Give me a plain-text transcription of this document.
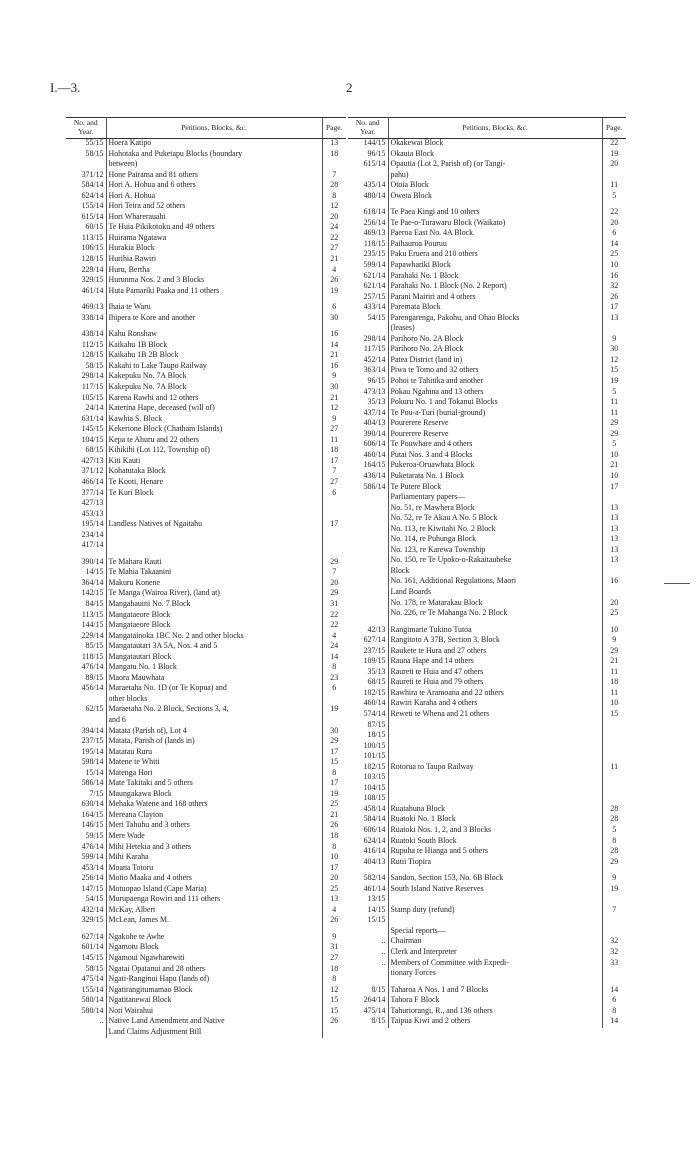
I.—3.	2
No. and Year.	Petitions, Blocks, &c.	Page.
55/15	Hoera Katipo	13
58/15	Hohotaka and Puketapu Blocks (boundary	18
	between)	
371/12	Hone Pairama and 81 others	7
584/14	Hori A. Hohua and 6 others	28
624/14	Hori A. Hohua	8
155/14	Hori Teira and 52 others	12
615/14	Hori Wharerauahi	20
60/15	Te Huia Pikikotoku and 49 others	24
113/15	Huirama Ngatawa	22
106/15	Hurakia Block	27
128/15	Hurihia Rawiri	21
229/14	Huru, Bertha	4
329/15	Hurunma Nos. 2 and 3 Blocks	26
461/14	Huta Pamariki Paaka and 11 others	19

469/13	Ihaia te Waru	6
338/14	Ihipera te Kore and another	30

438/14	Kahu Ronshaw	16
112/15	Kaikahu 1B Block	14
128/15	Kaikahu 1B 2B Block	21
58/15	Kakahi to Lake Taupo Railway	16
298/14	Kakepuku No. 7A Block	9
117/15	Kakepuku No. 7A Block	30
105/15	Karena Rawhi and 12 others	21
24/14	Katerina Hape, deceased (will of)	12
631/14	Kawhia S. Block	9
145/15	Kekerione Block (Chatham Islands)	27
104/15	Kepa te Ahuru and 22 others	11
68/15	Kihikihi (Lot 112, Township of)	18
427/13	Kiti Kauti	17
371/12	Kohatutaka Block	7
466/14	Te Kooti, Henare	27
377/14	Te Kuri Block	6
427/13		
453/13		
195/14	Landless Natives of Ngaitahu	17
234/14		
417/14		

390/14	Te Mahara Rauti	29
14/15	Te Mahia Takaanini	7
364/14	Makuru Konene	20
142/15	Te Manga (Wairoa River), (land at)	29
84/15	Mangahauini No. 7 Block	31
113/15	Mangataeore Block	22
144/15	Mangataeore Block	22
229/14	Mangatainoka 1BC No. 2 and other blocks	4
85/15	Mangatautari 3A 5A, Nos. 4 and 5	24
118/15	Mangatautari Block	14
476/14	Mangatu No. 1 Block	8
89/15	Maora Mauwhata	23
456/14	Maraetaha No. 1D (or Te Kopua) and	6
	other blocks	
62/15	Maraetaha No. 2 Block, Sections 3, 4,	19
	and 6	
394/14	Matata (Parish of), Lot 4	30
237/15	Matata, Parish of (lands in)	29
195/14	Matatau Ruru	17
598/14	Matene te Whiti	15
15/14	Matenga Hori	8
586/14	Mate Takitaki and 5 others	17
7/15	Maungakawa Block	19
630/14	Mehaka Watene and 168 others	25
164/15	Mereana Clayton	21
146/15	Meri Tahuhu and 3 others	26
59/15	Mere Wade	18
476/14	Mihi Hetekia and 3 others	8
599/14	Mihi Karaha	10
453/14	Moana Totoru	17
256/14	Motio Maaka and 4 others	20
147/15	Motuopao Island (Cape Maria)	25
54/15	Murupaenga Rowiri and 111 others	13
432/14	McKay, Albert	4
329/15	McLean, James M.	26

627/14	Ngakohe te Awhe	9
601/14	Ngamotu Block	31
145/15	Ngamoui Ngawharewiti	27
58/15	Ngatai Opatanui and 28 others	18
475/14	Ngati-Ranginui Hapu (lands of)	8
155/14	Ngatirangitumamao Block	12
580/14	Ngatitanewai Block	15
580/14	Noti Wairahui	15
..	Native Land Amendment and Native	26
	Land Claims Adjustment Bill	
No. and Year.	Petitions, Blocks, &c.	Page.
144/15	Okakewai Block	22
96/15	Okauia Block	19
615/14	Opautia (Lot 2, Parish of) (or Tangi-	20
	pahu)	
435/14	Otoia Block	11
480/14	Oweta Block	5

618/14	Te Paea Kingi and 10 others	22
256/14	Te Pae-o-Turawaru Block (Waikato)	20
469/13	Paeroa East No. 4A Block	6
118/15	Paihauroa Pouruu	14
235/15	Paku Eruera and 210 others	25
599/14	Papawhariki Block	10
621/14	Parahaki No. 1 Block	16
621/14	Parahaki No. 1 Block (No. 2 Report)	32
257/15	Parani Mairiri and 4 others	26
433/14	Paremata Block	17
54/15	Parengarenga, Pakohu, and Ohao Blocks	13
	(leases)	
298/14	Parihoro No. 2A Block	9
117/15	Parihoro No. 2A Block	30
452/14	Patea District (land in)	12
363/14	Piwa te Tomo and 32 others	15
96/15	Pohoi te Tahitika and another	19
473/13	Pokau Ngahina and 13 others	5
35/13	Pokuru No. 1 and Tokanui Blocks	11
437/14	Te Pou-a-Turi (burial-ground)	11
404/13	Pourerere Reserve	29
390/14	Pourerere Reserve	29
606/14	Te Pouwhare and 4 others	5
460/14	Putai Nos. 3 and 4 Blocks	10
164/15	Pukeroa-Oruawhata Block	21
436/14	Puketarata No. 1 Block	10
586/14	Te Putere Block	17
	Parliamentary papers—	
	No. 51, re Mawhera Block	13
	No. 52, re Te Akau A No. 5 Block	13
	No. 113, re Kiwitahi No. 2 Block	13
	No. 114, re Puhunga Block	13
	No. 123, re Karewa Township	13
	No. 150, re Te Upoko-o-Rakaitauheke	13
	Block	
	No. 161, Additional Regulations, Maori	16
	Land Boards	
	No. 178, re Matarakau Block	20
	No. 226, re Te Mahanga No. 2 Block	25

42/13	Rangimarie Tukino Tutoa	10
627/14	Rangitoto A 37B, Section 3, Block	9
237/15	Raukete te Hura and 27 others	29
109/15	Rauna Hape and 14 others	21
35/13	Raureti te Huia and 47 others	11
68/15	Raureti te Huia and 79 others	18
102/15	Rawhira te Aramoana and 22 others	11
460/14	Rawiri Karaha and 4 others	10
574/14	Reweti te Whena and 21 others	15
87/15		
18/15		
100/15		
101/15		
102/15	Rotorua to Taupo Railway	11
103/15		
104/15		
108/15		
458/14	Ruatahuna Block	28
584/14	Ruatoki No. 1 Block	28
606/14	Ruatoki Nos. 1, 2, and 3 Blocks	5
624/14	Ruatoki South Block	8
416/14	Rupuha te Hianga and 5 others	28
404/13	Rutii Tiopira	29

582/14	Sandon, Section 153, No. 6B Block	9
461/14	South Island Native Reserves	19
13/15		
14/15	Stamp duty (refund)	7
15/15		
	Special reports—	
..	Chairman	32
..	Clerk and Interpreter	32
..	Members of Committee with Expedi-	33
	tionary Forces	

8/15	Taharoa A Nos. 1 and 7 Blocks	14
264/14	Tahora F Block	6
475/14	Tahuriorangi, R., and 136 others	8
8/15	Taipua Kiwi and 2 others	14
